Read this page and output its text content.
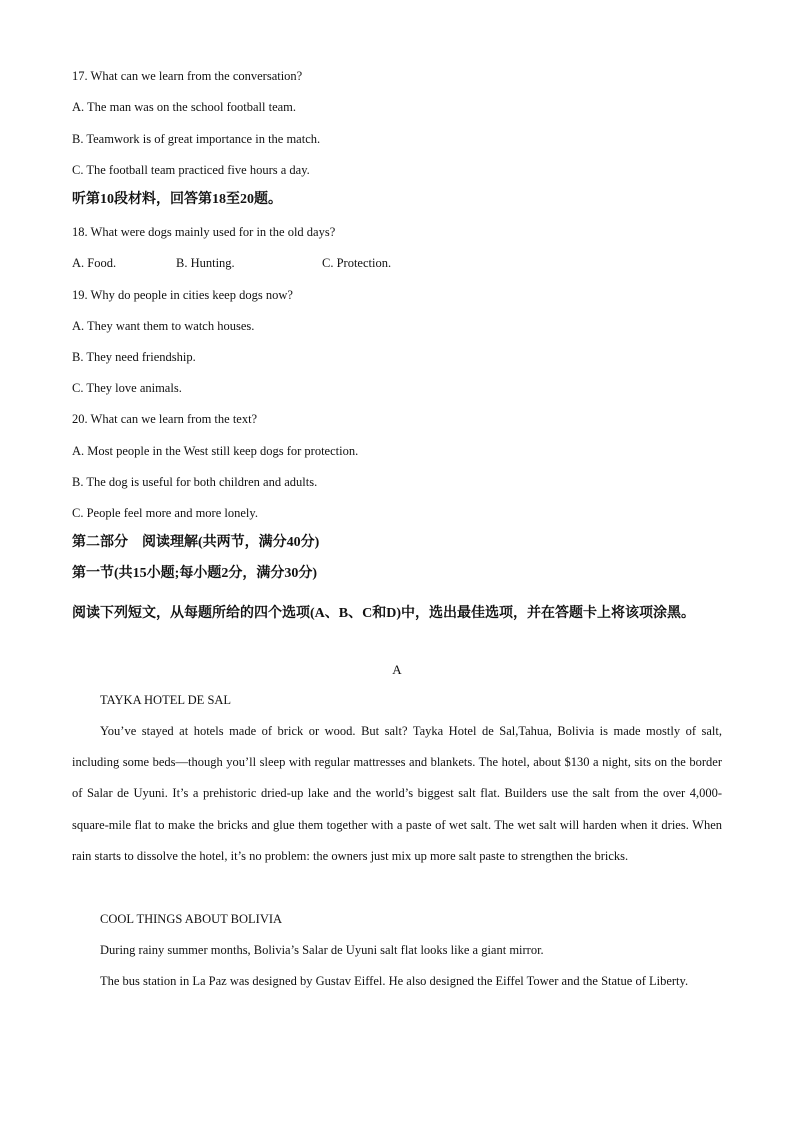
17. What can we learn from the conversation?
A. The man was on the school football team.
B. Teamwork is of great importance in the match.
C. The football team practiced five hours a day.
听第10段材料，回答第18至20题。
18. What were dogs mainly used for in the old days?
A. Food.	B. Hunting.	C. Protection.
19. Why do people in cities keep dogs now?
A. They want them to watch houses.
B. They need friendship.
C. They love animals.
20. What can we learn from the text?
A. Most people in the West still keep dogs for protection.
B. The dog is useful for both children and adults.
C. People feel more and more lonely.
第二部分　阅读理解(共两节，满分40分)
第一节(共15小题;每小题2分，满分30分)
阅读下列短文，从每题所给的四个选项(A、B、C和D)中，选出最佳选项，并在答题卡上将该项涂黑。
A
TAYKA HOTEL DE SAL
You’ve stayed at hotels made of brick or wood. But salt? Tayka Hotel de Sal,Tahua, Bolivia is made mostly of salt, including some beds—though you’ll sleep with regular mattresses and blankets. The hotel, about $130 a night, sits on the border of Salar de Uyuni. It’s a prehistoric dried-up lake and the world’s biggest salt flat. Builders use the salt from the over 4,000-square-mile flat to make the bricks and glue them together with a paste of wet salt. The wet salt will harden when it dries. When rain starts to dissolve the hotel, it’s no problem: the owners just mix up more salt paste to strengthen the bricks.
COOL THINGS ABOUT BOLIVIA
During rainy summer months, Bolivia’s Salar de Uyuni salt flat looks like a giant mirror.
The bus station in La Paz was designed by Gustav Eiffel. He also designed the Eiffel Tower and the Statue of Liberty.
